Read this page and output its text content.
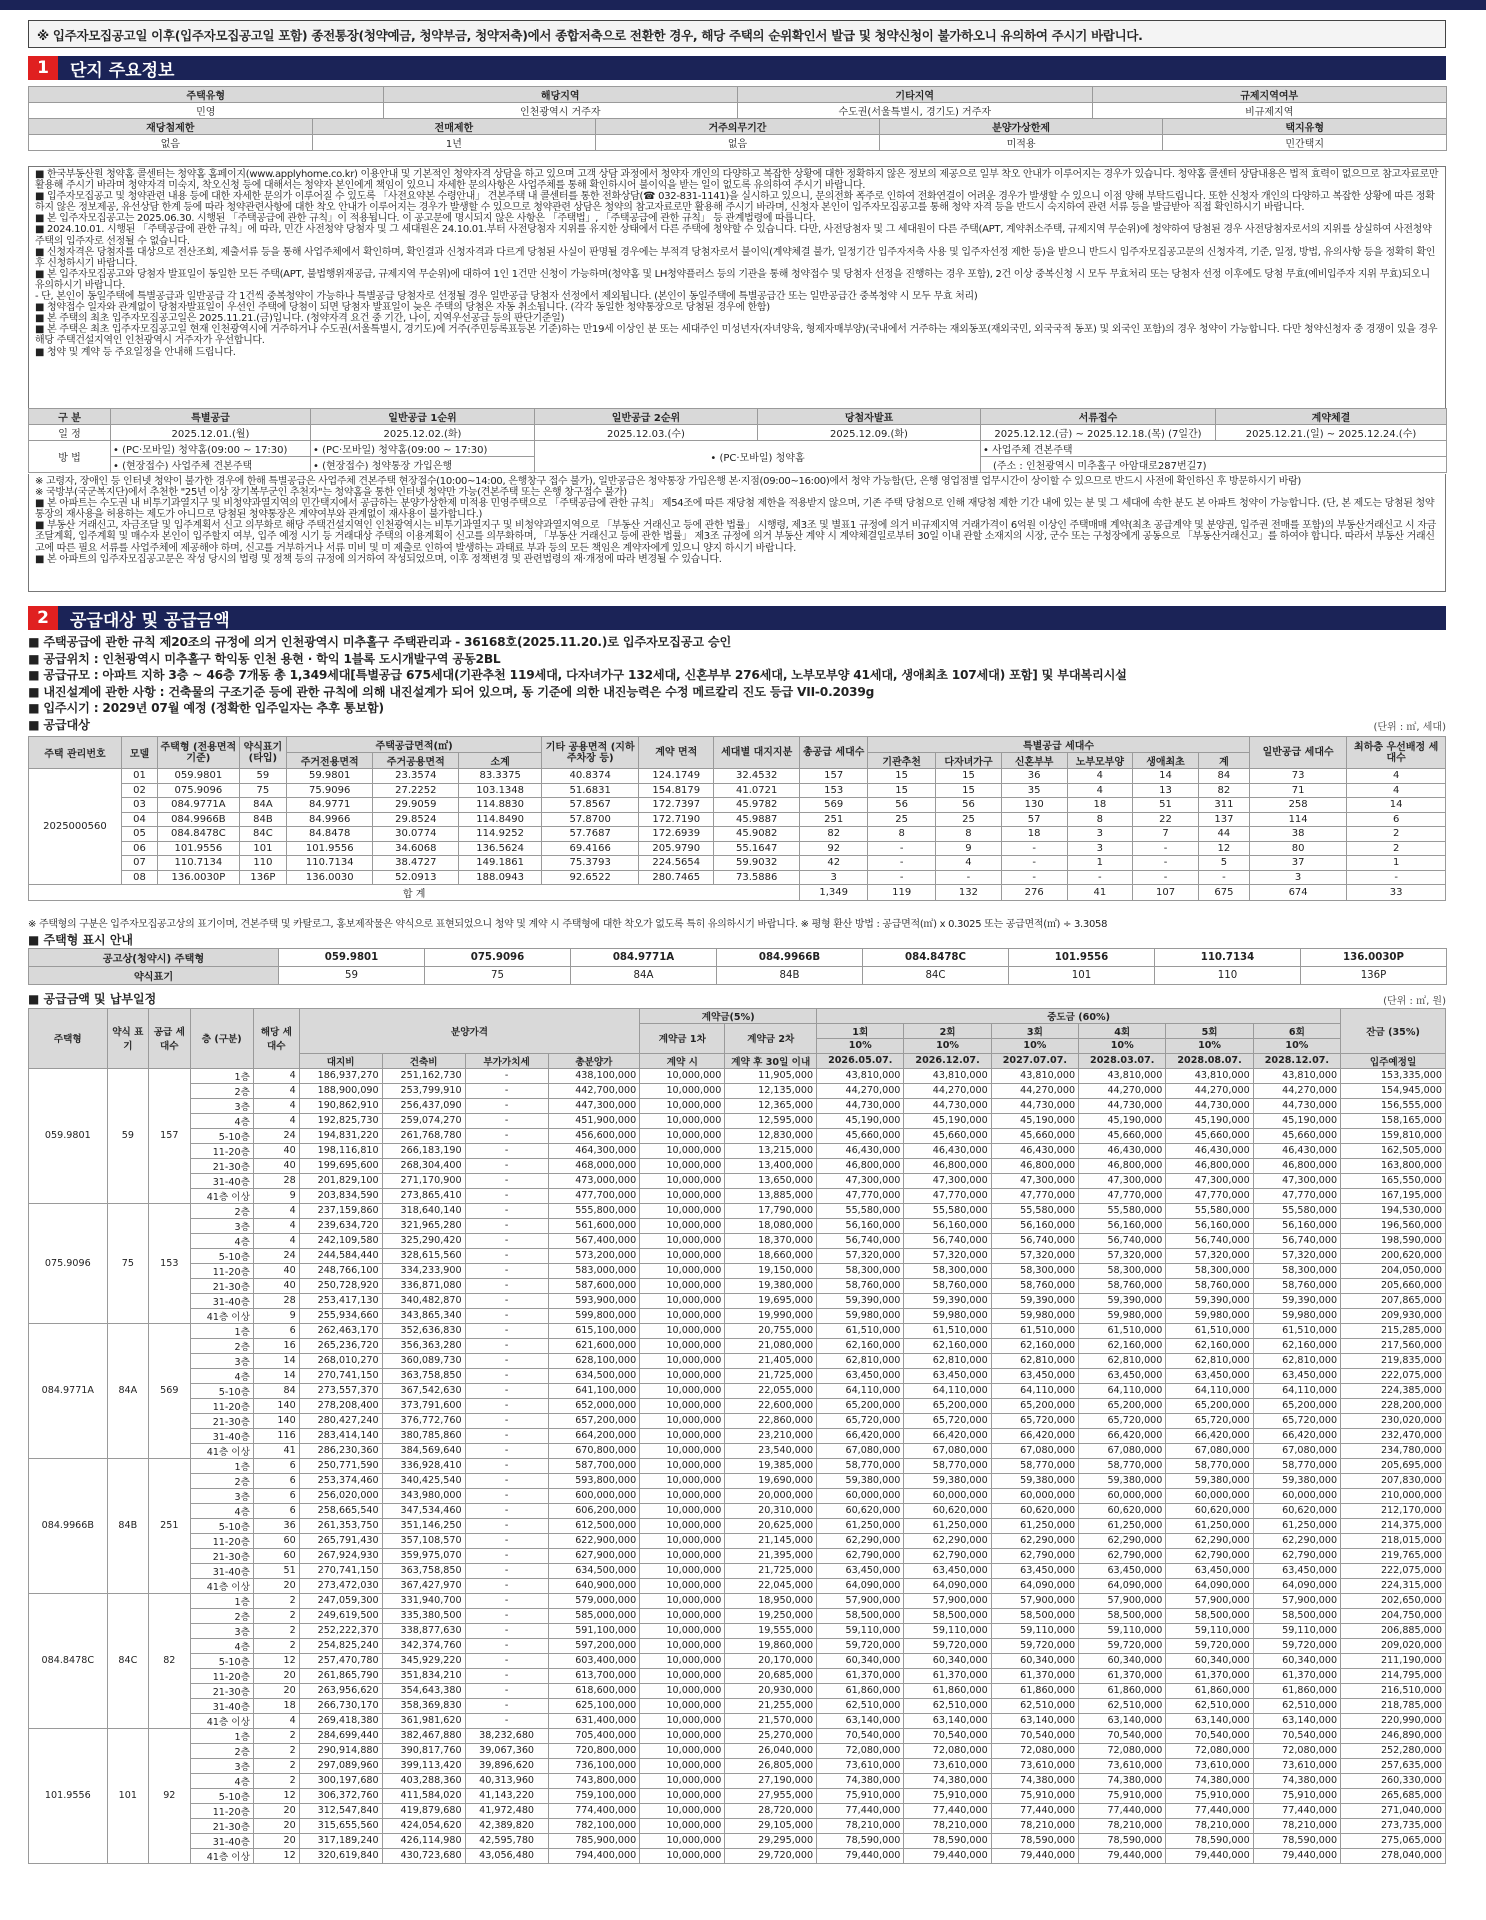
※ 입주자모집공고일 이후(입주자모집공고일 포함) 종전통장(청약예금, 청약부금, 청약저축)에서 종합저축으로 전환한 경우, 해당 주택의 순위확인서 발급 및 청약신청이 불가하오니 유의하여 주시기 바랍니다.
1	단지 주요정보
주택유형		해당지역		기타지역		규제지역여부	
민영		인천광역시 거주자		수도권(서울특별시, 경기도) 거주자		비규제지역	
재당첨제한	전매제한		거주의무기간		분양가상한제		택지유형
없음	1년		없음		미적용		민간택지

■ 한국부동산원 청약홈 콜센터는 청약홈 홈페이지(www.applyhome.co.kr) 이용안내 및 기본적인 청약자격 상담을 하고 있으며 고객 상담 과정에서 청약자 개인의 다양하고 복잡한 상황에 대한 정확하지 않은 정보의 제공으로 일부 착오 안내가 이루어지는 경우가 있습니다. 청약홈 콜센터 상담내용은 법적 효력이 없으므로 참고자료로만 활용해 주시기 바라며 청약자격 미숙지, 착오신청 등에 대해서는 청약자 본인에게 책임이 있으니 자세한 문의사항은 사업주체를 통해 확인하시어 불이익을 받는 일이 없도록 유의하여 주시기 바랍니다.

■ 입주자모집공고 및 청약관련 내용 등에 대한 자세한 문의가 이루어질 수 있도록 「사전요약본 수령안내」 견본주택 내 콜센터를 통한 전화상담(☎ 032-831-1141)을 실시하고 있으니, 문의전화 폭주로 인하여 전화연결이 어려운 경우가 발생할 수 있으니 이점 양해 부탁드립니다. 또한 신청자 개인의 다양하고 복잡한 상황에 따른 정확하지 않은 정보제공, 유선상담 한계 등에 따라 청약관련사항에 대한 착오 안내가 이루어지는 경우가 발생할 수 있으므로 청약관련 상담은 청약의 참고자료로만 활용해 주시기 바라며, 신청자 본인이 입주자모집공고를 통해 청약 자격 등을 반드시 숙지하여 관련 서류 등을 발급받아 직접 확인하시기 바랍니다.

■ 본 입주자모집공고는 2025.06.30. 시행된 「주택공급에 관한 규칙」이 적용됩니다. 이 공고문에 명시되지 않은 사항은 「주택법」, 「주택공급에 관한 규칙」 등 관계법령에 따릅니다.

■ 2024.10.01. 시행된 「주택공급에 관한 규칙」에 따라, 민간 사전청약 당첨자 및 그 세대원은 24.10.01.부터 사전당첨자 지위를 유지한 상태에서 다른 주택에 청약할 수 있습니다. 다만, 사전당첨자 및 그 세대원이 다른 주택(APT, 계약취소주택, 규제지역 무순위)에 청약하여 당첨된 경우 사전당첨자로서의 지위를 상실하여 사전청약 주택의 입주자로 선정될 수 없습니다.

■ 신청자격은 당첨자를 대상으로 전산조회, 제출서류 등을 통해 사업주체에서 확인하며, 확인결과 신청자격과 다르게 당첨된 사실이 판명될 경우에는 부적격 당첨자로서 불이익(계약체결 불가, 일정기간 입주자저축 사용 및 입주자선정 제한 등)을 받으니 반드시 입주자모집공고문의 신청자격, 기준, 일정, 방법, 유의사항 등을 정확히 확인 후 신청하시기 바랍니다.

■ 본 입주자모집공고와 당첨자 발표일이 동일한 모든 주택(APT, 불법행위재공급, 규제지역 무순위)에 대하여 1인 1건만 신청이 가능하며(청약홈 및 LH청약플러스 등의 기관을 통해 청약접수 및 당첨자 선정을 진행하는 경우 포함), 2건 이상 중복신청 시 모두 무효처리 또는 당첨자 선정 이후에도 당첨 무효(예비입주자 지위 무효)되오니 유의하시기 바랍니다.

- 단, 본인이 동일주택에 특별공급과 일반공급 각 1건씩 중복청약이 가능하나 특별공급 당첨자로 선정될 경우 일반공급 당첨자 선정에서 제외됩니다. (본인이 동일주택에 특별공급간 또는 일반공급간 중복청약 시 모두 무효 처리)

■ 청약접수 일자와 관계없이 당첨자발표일이 우선인 주택에 당첨이 되면 당첨자 발표일이 늦은 주택의 당첨은 자동 취소됩니다. (각각 동일한 청약통장으로 당첨된 경우에 한함)

■ 본 주택의 최초 입주자모집공고일은 2025.11.21.(금)입니다. (청약자격 요건 중 기간, 나이, 지역우선공급 등의 판단기준일)

■ 본 주택은 최초 입주자모집공고일 현재 인천광역시에 거주하거나 수도권(서울특별시, 경기도)에 거주(주민등록표등본 기준)하는 만19세 이상인 분 또는 세대주인 미성년자(자녀양육, 형제자매부양)(국내에서 거주하는 재외동포(재외국민, 외국국적 동포) 및 외국인 포함)의 경우 청약이 가능합니다. 다만 청약신청자 중 경쟁이 있을 경우 해당 주택건설지역인 인천광역시 거주자가 우선합니다.

■ 청약 및 계약 등 주요일정을 안내해 드립니다.

구 분	특별공급	일반공급 1순위	일반공급 2순위	당첨자발표	서류접수	계약체결
일 정	2025.12.01.(월)	2025.12.02.(화)	2025.12.03.(수)	2025.12.09.(화)	2025.12.12.(금) ~ 2025.12.18.(목) (7일간)	2025.12.21.(일) ~ 2025.12.24.(수)
방 법	• (PC·모바일) 청약홈(09:00 ~ 17:30)	• (PC·모바일) 청약홈(09:00 ~ 17:30)	• (PC·모바일) 청약홈		• 사업주체 견본주택	
	• (현장접수) 사업주체 견본주택	• (현장접수) 청약통장 가입은행			(주소 : 인천광역시 미추홀구 아암대로287번길7)	

※ 고령자, 장애인 등 인터넷 청약이 불가한 경우에 한해 특별공급은 사업주체 견본주택 현장접수(10:00~14:00, 은행창구 접수 불가), 일반공급은 청약통장 가입은행 본·지점(09:00~16:00)에서 청약 가능함(단, 은행 영업점별 업무시간이 상이할 수 있으므로 반드시 사전에 확인하신 후 방문하시기 바람)

※ 국방부(국군복지단)에서 추천한 "25년 이상 장기복무군인 추천자"는 청약홈을 통한 인터넷 청약만 가능(견본주택 또는 은행 창구접수 불가)

■ 본 아파트는 수도권 내 비투기과열지구 및 비청약과열지역의 민간택지에서 공급하는 분양가상한제 미적용 민영주택으로 「주택공급에 관한 규칙」 제54조에 따른 재당첨 제한을 적용받지 않으며, 기존 주택 당첨으로 인해 재당첨 제한 기간 내에 있는 분 및 그 세대에 속한 분도 본 아파트 청약이 가능합니다. (단, 본 제도는 당첨된 청약통장의 재사용을 허용하는 제도가 아니므로 당첨된 청약통장은 계약여부와 관계없이 재사용이 불가합니다.)

■ 부동산 거래신고, 자금조달 및 입주계획서 신고 의무화로 해당 주택건설지역인 인천광역시는 비투기과열지구 및 비청약과열지역으로 「부동산 거래신고 등에 관한 법률」 시행령, 제3조 및 별표1 규정에 의거 비규제지역 거래가격이 6억원 이상인 주택매매 계약(최초 공급계약 및 분양권, 입주권 전매를 포함)의 부동산거래신고 시 자금조달계획, 입주계획 및 매수자 본인이 입주할지 여부, 입주 예정 시기 등 거래대상 주택의 이용계획이 신고를 의무화하며, 「부동산 거래신고 등에 관한 법률」 제3조 규정에 의거 부동산 계약 시 계약체결일로부터 30일 이내 관할 소재지의 시장, 군수 또는 구청장에게 공동으로 「부동산거래신고」를 하여야 합니다. 따라서 부동산 거래신고에 따른 필요 서류를 사업주체에 제공해야 하며, 신고를 거부하거나 서류 미비 및 미 제출로 인하여 발생하는 과태료 부과 등의 모든 책임은 계약자에게 있으니 양지 하시기 바랍니다.

■ 본 아파트의 입주자모집공고문은 작성 당시의 법령 및 정책 등의 규정에 의거하여 작성되었으며, 이후 정책변경 및 관련법령의 재·개정에 따라 변경될 수 있습니다.

2	공급대상 및 공급금액
■ 주택공급에 관한 규칙 제20조의 규정에 의거 인천광역시 미추홀구 주택관리과 - 36168호(2025.11.20.)로 입주자모집공고 승인
■ 공급위치 : 인천광역시 미추홀구 학익동 인천 용현 · 학익 1블록 도시개발구역 공동2BL
■ 공급규모 : 아파트 지하 3층 ~ 46층 7개동 총 1,349세대[특별공급 675세대(기관추천 119세대, 다자녀가구 132세대, 신혼부부 276세대, 노부모부양 41세대, 생애최초 107세대) 포함] 및 부대복리시설
■ 내진설계에 관한 사항 : 건축물의 구조기준 등에 관한 규칙에 의해 내진설계가 되어 있으며, 동 기준에 의한 내진능력은 수정 메르칼리 진도 등급 VII-0.2039g
■ 입주시기 : 2029년 07월 예정 (정확한 입주일자는 추후 통보함)
■ 공급대상	(단위 : ㎡, 세대)
주택 관리번호	모델	주택형 (전용면적 기준)	약식표기 (타입)	주택공급면적(㎡)			기타 공용면적 (지하주차장 등)	계약 면적	세대별 대지지분	총공급 세대수	특별공급 세대수						일반공급 세대수	최하층 우선배정 세대수
				주거전용면적	주거공용면적	소계					기관추천	다자녀가구	신혼부부	노부모부양	생애최초	계		
2025000560	01	059.9801	59	59.9801	23.3574	83.3375	40.8374	124.1749	32.4532	157	15	15	36	4	14	84	73	4
	02	075.9096	75	75.9096	27.2252	103.1348	51.6831	154.8179	41.0721	153	15	15	35	4	13	82	71	4
	03	084.9771A	84A	84.9771	29.9059	114.8830	57.8567	172.7397	45.9782	569	56	56	130	18	51	311	258	14
	04	084.9966B	84B	84.9966	29.8524	114.8490	57.8700	172.7190	45.9887	251	25	25	57	8	22	137	114	6
	05	084.8478C	84C	84.8478	30.0774	114.9252	57.7687	172.6939	45.9082	82	8	8	18	3	7	44	38	2
	06	101.9556	101	101.9556	34.6068	136.5624	69.4166	205.9790	55.1647	92	-	9	-	3	-	12	80	2
	07	110.7134	110	110.7134	38.4727	149.1861	75.3793	224.5654	59.9032	42	-	4	-	1	-	5	37	1
	08	136.0030P	136P	136.0030	52.0913	188.0943	92.6522	280.7465	73.5886	3	-	-	-	-	-	-	3	-
합 계										1,349	119	132	276	41	107	675	674	33
※ 주택형의 구분은 입주자모집공고상의 표기이며, 견본주택 및 카탈로그, 홍보제작물은 약식으로 표현되었으니 청약 및 계약 시 주택형에 대한 착오가 없도록 특히 유의하시기 바랍니다. ※ 평형 환산 방법 : 공급면적(㎡) x 0.3025 또는 공급면적(㎡) ÷ 3.3058
■ 주택형 표시 안내
공고상(청약시) 주택형	059.9801	075.9096	084.9771A	084.9966B	084.8478C	101.9556	110.7134	136.0030P
약식표기	59	75	84A	84B	84C	101	110	136P
■ 공급금액 및 납부일정	(단위 : ㎡, 원)
주택형	약식 표기	공급 세대수	층 (구분)	해당 세대수	분양가격				계약금(5%)		중도금 (60%)						잔금 (35%)
									계약금 1차	계약금 2차	1회	2회	3회	4회	5회	6회	
											10%	10%	10%	10%	10%	10%	
					대지비	건축비	부가가치세	총분양가	계약 시	계약 후 30일 이내	2026.05.07.	2026.12.07.	2027.07.07.	2028.03.07.	2028.08.07.	2028.12.07.	입주예정일
059.9801	59	157	1층	4	186,937,270	251,162,730	-	438,100,000	10,000,000	11,905,000	43,810,000	43,810,000	43,810,000	43,810,000	43,810,000	43,810,000	153,335,000
			2층	4	188,900,090	253,799,910	-	442,700,000	10,000,000	12,135,000	44,270,000	44,270,000	44,270,000	44,270,000	44,270,000	44,270,000	154,945,000
			3층	4	190,862,910	256,437,090	-	447,300,000	10,000,000	12,365,000	44,730,000	44,730,000	44,730,000	44,730,000	44,730,000	44,730,000	156,555,000
			4층	4	192,825,730	259,074,270	-	451,900,000	10,000,000	12,595,000	45,190,000	45,190,000	45,190,000	45,190,000	45,190,000	45,190,000	158,165,000
			5-10층	24	194,831,220	261,768,780	-	456,600,000	10,000,000	12,830,000	45,660,000	45,660,000	45,660,000	45,660,000	45,660,000	45,660,000	159,810,000
			11-20층	40	198,116,810	266,183,190	-	464,300,000	10,000,000	13,215,000	46,430,000	46,430,000	46,430,000	46,430,000	46,430,000	46,430,000	162,505,000
			21-30층	40	199,695,600	268,304,400	-	468,000,000	10,000,000	13,400,000	46,800,000	46,800,000	46,800,000	46,800,000	46,800,000	46,800,000	163,800,000
			31-40층	28	201,829,100	271,170,900	-	473,000,000	10,000,000	13,650,000	47,300,000	47,300,000	47,300,000	47,300,000	47,300,000	47,300,000	165,550,000
			41층 이상	9	203,834,590	273,865,410	-	477,700,000	10,000,000	13,885,000	47,770,000	47,770,000	47,770,000	47,770,000	47,770,000	47,770,000	167,195,000
075.9096	75	153	2층	4	237,159,860	318,640,140	-	555,800,000	10,000,000	17,790,000	55,580,000	55,580,000	55,580,000	55,580,000	55,580,000	55,580,000	194,530,000
			3층	4	239,634,720	321,965,280	-	561,600,000	10,000,000	18,080,000	56,160,000	56,160,000	56,160,000	56,160,000	56,160,000	56,160,000	196,560,000
			4층	4	242,109,580	325,290,420	-	567,400,000	10,000,000	18,370,000	56,740,000	56,740,000	56,740,000	56,740,000	56,740,000	56,740,000	198,590,000
			5-10층	24	244,584,440	328,615,560	-	573,200,000	10,000,000	18,660,000	57,320,000	57,320,000	57,320,000	57,320,000	57,320,000	57,320,000	200,620,000
			11-20층	40	248,766,100	334,233,900	-	583,000,000	10,000,000	19,150,000	58,300,000	58,300,000	58,300,000	58,300,000	58,300,000	58,300,000	204,050,000
			21-30층	40	250,728,920	336,871,080	-	587,600,000	10,000,000	19,380,000	58,760,000	58,760,000	58,760,000	58,760,000	58,760,000	58,760,000	205,660,000
			31-40층	28	253,417,130	340,482,870	-	593,900,000	10,000,000	19,695,000	59,390,000	59,390,000	59,390,000	59,390,000	59,390,000	59,390,000	207,865,000
			41층 이상	9	255,934,660	343,865,340	-	599,800,000	10,000,000	19,990,000	59,980,000	59,980,000	59,980,000	59,980,000	59,980,000	59,980,000	209,930,000
084.9771A	84A	569	1층	6	262,463,170	352,636,830	-	615,100,000	10,000,000	20,755,000	61,510,000	61,510,000	61,510,000	61,510,000	61,510,000	61,510,000	215,285,000
			2층	16	265,236,720	356,363,280	-	621,600,000	10,000,000	21,080,000	62,160,000	62,160,000	62,160,000	62,160,000	62,160,000	62,160,000	217,560,000
			3층	14	268,010,270	360,089,730	-	628,100,000	10,000,000	21,405,000	62,810,000	62,810,000	62,810,000	62,810,000	62,810,000	62,810,000	219,835,000
			4층	14	270,741,150	363,758,850	-	634,500,000	10,000,000	21,725,000	63,450,000	63,450,000	63,450,000	63,450,000	63,450,000	63,450,000	222,075,000
			5-10층	84	273,557,370	367,542,630	-	641,100,000	10,000,000	22,055,000	64,110,000	64,110,000	64,110,000	64,110,000	64,110,000	64,110,000	224,385,000
			11-20층	140	278,208,400	373,791,600	-	652,000,000	10,000,000	22,600,000	65,200,000	65,200,000	65,200,000	65,200,000	65,200,000	65,200,000	228,200,000
			21-30층	140	280,427,240	376,772,760	-	657,200,000	10,000,000	22,860,000	65,720,000	65,720,000	65,720,000	65,720,000	65,720,000	65,720,000	230,020,000
			31-40층	116	283,414,140	380,785,860	-	664,200,000	10,000,000	23,210,000	66,420,000	66,420,000	66,420,000	66,420,000	66,420,000	66,420,000	232,470,000
			41층 이상	41	286,230,360	384,569,640	-	670,800,000	10,000,000	23,540,000	67,080,000	67,080,000	67,080,000	67,080,000	67,080,000	67,080,000	234,780,000
084.9966B	84B	251	1층	6	250,771,590	336,928,410	-	587,700,000	10,000,000	19,385,000	58,770,000	58,770,000	58,770,000	58,770,000	58,770,000	58,770,000	205,695,000
			2층	6	253,374,460	340,425,540	-	593,800,000	10,000,000	19,690,000	59,380,000	59,380,000	59,380,000	59,380,000	59,380,000	59,380,000	207,830,000
			3층	6	256,020,000	343,980,000	-	600,000,000	10,000,000	20,000,000	60,000,000	60,000,000	60,000,000	60,000,000	60,000,000	60,000,000	210,000,000
			4층	6	258,665,540	347,534,460	-	606,200,000	10,000,000	20,310,000	60,620,000	60,620,000	60,620,000	60,620,000	60,620,000	60,620,000	212,170,000
			5-10층	36	261,353,750	351,146,250	-	612,500,000	10,000,000	20,625,000	61,250,000	61,250,000	61,250,000	61,250,000	61,250,000	61,250,000	214,375,000
			11-20층	60	265,791,430	357,108,570	-	622,900,000	10,000,000	21,145,000	62,290,000	62,290,000	62,290,000	62,290,000	62,290,000	62,290,000	218,015,000
			21-30층	60	267,924,930	359,975,070	-	627,900,000	10,000,000	21,395,000	62,790,000	62,790,000	62,790,000	62,790,000	62,790,000	62,790,000	219,765,000
			31-40층	51	270,741,150	363,758,850	-	634,500,000	10,000,000	21,725,000	63,450,000	63,450,000	63,450,000	63,450,000	63,450,000	63,450,000	222,075,000
			41층 이상	20	273,472,030	367,427,970	-	640,900,000	10,000,000	22,045,000	64,090,000	64,090,000	64,090,000	64,090,000	64,090,000	64,090,000	224,315,000
084.8478C	84C	82	1층	2	247,059,300	331,940,700	-	579,000,000	10,000,000	18,950,000	57,900,000	57,900,000	57,900,000	57,900,000	57,900,000	57,900,000	202,650,000
			2층	2	249,619,500	335,380,500	-	585,000,000	10,000,000	19,250,000	58,500,000	58,500,000	58,500,000	58,500,000	58,500,000	58,500,000	204,750,000
			3층	2	252,222,370	338,877,630	-	591,100,000	10,000,000	19,555,000	59,110,000	59,110,000	59,110,000	59,110,000	59,110,000	59,110,000	206,885,000
			4층	2	254,825,240	342,374,760	-	597,200,000	10,000,000	19,860,000	59,720,000	59,720,000	59,720,000	59,720,000	59,720,000	59,720,000	209,020,000
			5-10층	12	257,470,780	345,929,220	-	603,400,000	10,000,000	20,170,000	60,340,000	60,340,000	60,340,000	60,340,000	60,340,000	60,340,000	211,190,000
			11-20층	20	261,865,790	351,834,210	-	613,700,000	10,000,000	20,685,000	61,370,000	61,370,000	61,370,000	61,370,000	61,370,000	61,370,000	214,795,000
			21-30층	20	263,956,620	354,643,380	-	618,600,000	10,000,000	20,930,000	61,860,000	61,860,000	61,860,000	61,860,000	61,860,000	61,860,000	216,510,000
			31-40층	18	266,730,170	358,369,830	-	625,100,000	10,000,000	21,255,000	62,510,000	62,510,000	62,510,000	62,510,000	62,510,000	62,510,000	218,785,000
			41층 이상	4	269,418,380	361,981,620	-	631,400,000	10,000,000	21,570,000	63,140,000	63,140,000	63,140,000	63,140,000	63,140,000	63,140,000	220,990,000
101.9556	101	92	1층	2	284,699,440	382,467,880	38,232,680	705,400,000	10,000,000	25,270,000	70,540,000	70,540,000	70,540,000	70,540,000	70,540,000	70,540,000	246,890,000
			2층	2	290,914,880	390,817,760	39,067,360	720,800,000	10,000,000	26,040,000	72,080,000	72,080,000	72,080,000	72,080,000	72,080,000	72,080,000	252,280,000
			3층	2	297,089,960	399,113,420	39,896,620	736,100,000	10,000,000	26,805,000	73,610,000	73,610,000	73,610,000	73,610,000	73,610,000	73,610,000	257,635,000
			4층	2	300,197,680	403,288,360	40,313,960	743,800,000	10,000,000	27,190,000	74,380,000	74,380,000	74,380,000	74,380,000	74,380,000	74,380,000	260,330,000
			5-10층	12	306,372,760	411,584,020	41,143,220	759,100,000	10,000,000	27,955,000	75,910,000	75,910,000	75,910,000	75,910,000	75,910,000	75,910,000	265,685,000
			11-20층	20	312,547,840	419,879,680	41,972,480	774,400,000	10,000,000	28,720,000	77,440,000	77,440,000	77,440,000	77,440,000	77,440,000	77,440,000	271,040,000
			21-30층	20	315,655,560	424,054,620	42,389,820	782,100,000	10,000,000	29,105,000	78,210,000	78,210,000	78,210,000	78,210,000	78,210,000	78,210,000	273,735,000
			31-40층	20	317,189,240	426,114,980	42,595,780	785,900,000	10,000,000	29,295,000	78,590,000	78,590,000	78,590,000	78,590,000	78,590,000	78,590,000	275,065,000
			41층 이상	12	320,619,840	430,723,680	43,056,480	794,400,000	10,000,000	29,720,000	79,440,000	79,440,000	79,440,000	79,440,000	79,440,000	79,440,000	278,040,000
